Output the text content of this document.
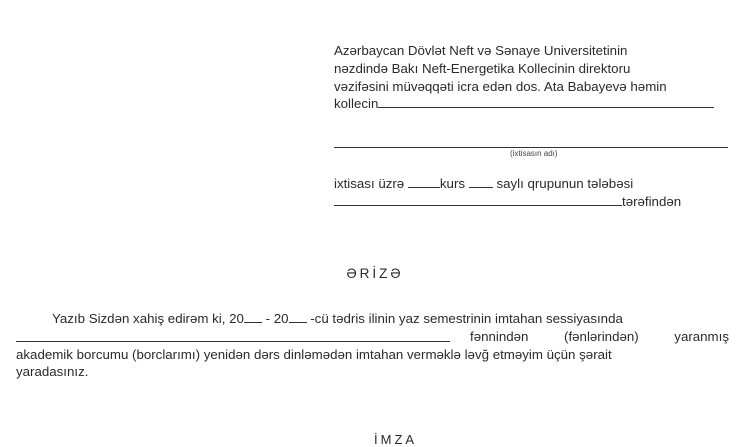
Azərbaycan Dövlət Neft və Sənaye Universitetinin
nəzdində Bakı Neft-Energetika Kollecinin direktoru
vəzifəsini müvəqqəti icra edən dos. Ata Babayevə həmin
kollecin
(ixtisasın adı)
ixtisası üzrə	kurs saylı qrupunun tələbəsi
tərəfindən
ƏRİZƏ
Yazıb Sizdən xahiş edirəm ki, 20 - 20 -cü tədris ilinin yaz semestrinin imtahan sessiyasında
fənnindən	(fənlərindən)	yaranmış
akademik borcumu (borclarımı) yenidən dərs dinləmədən imtahan verməklə ləvğ etməyim üçün şərait
yaradasınız.
İMZA
